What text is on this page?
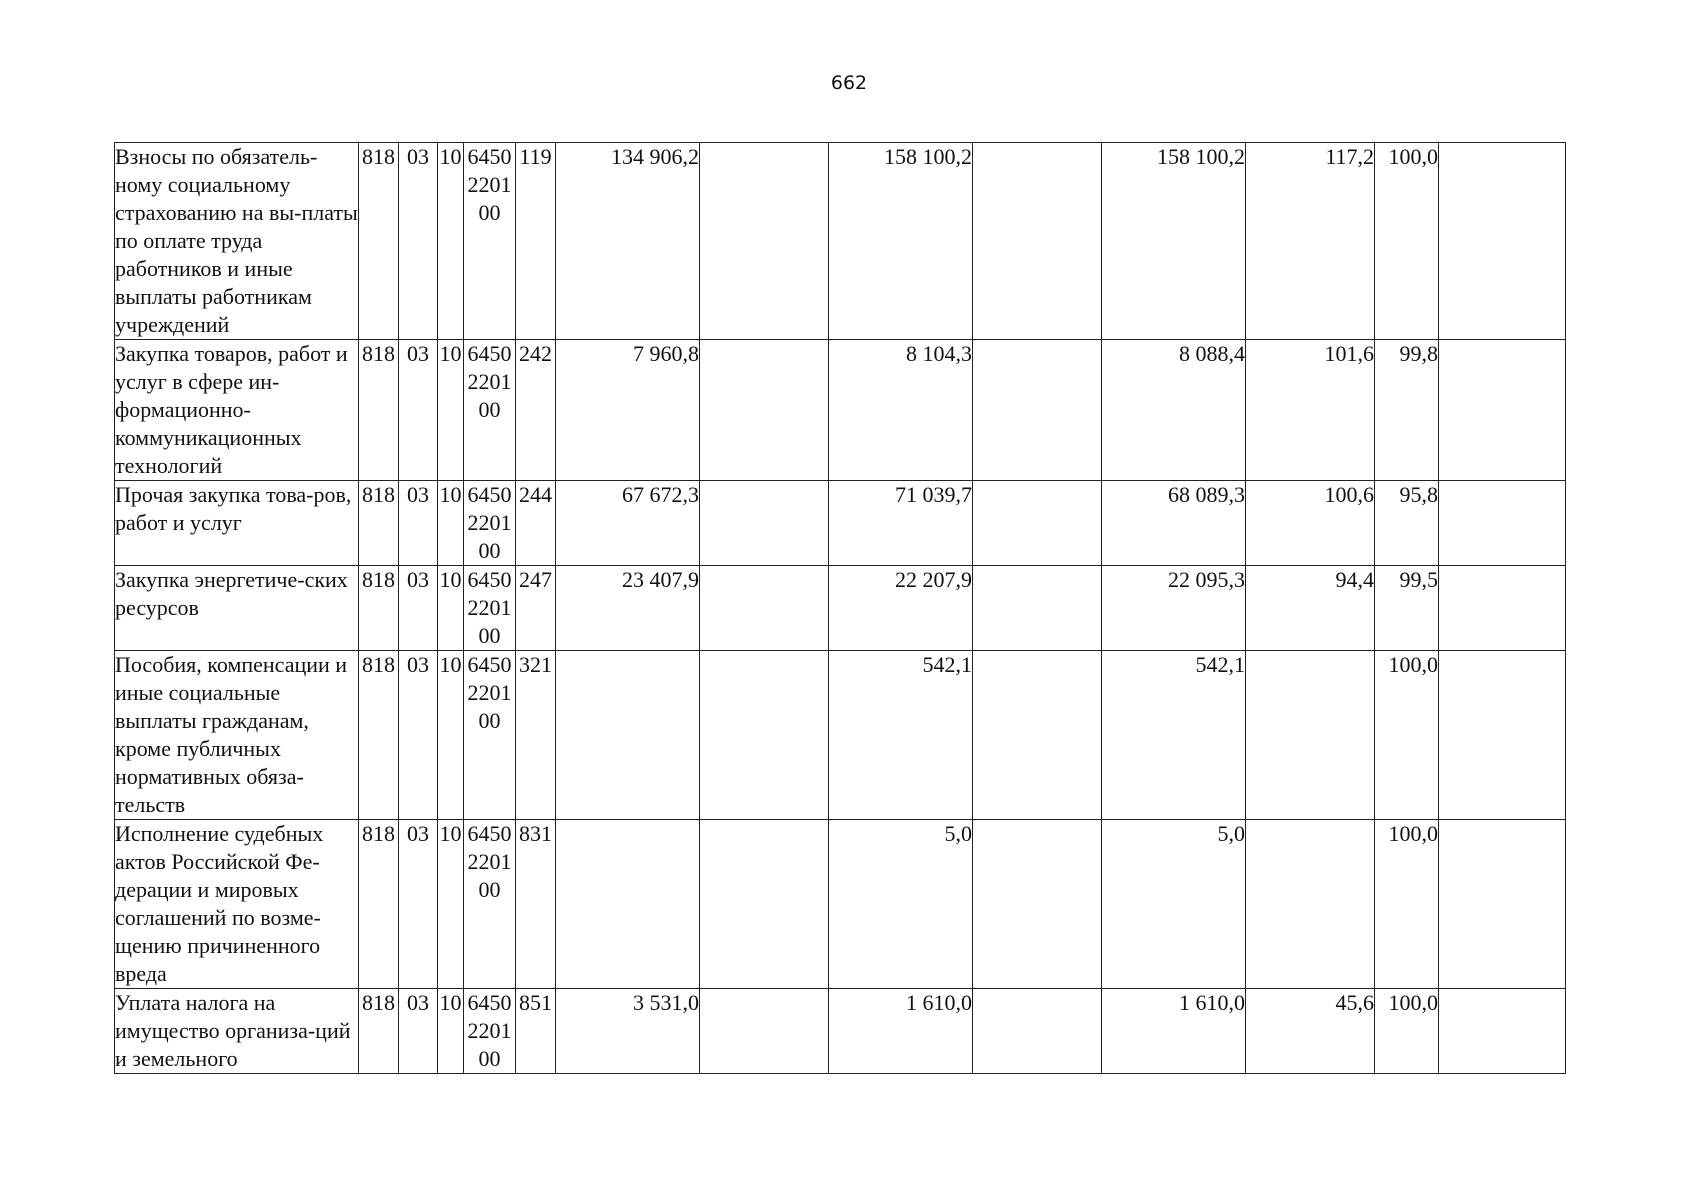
662
Взносы по обязатель-ному социальному страхованию на вы-платы по оплате труда работников и иные выплаты работникам учреждений	818	03	10	6450 2201 00	119	134 906,2		158 100,2		158 100,2	117,2	100,0	
Закупка товаров, работ и услуг в сфере ин-формационно-коммуникационных технологий	818	03	10	6450 2201 00	242	7 960,8		8 104,3		8 088,4	101,6	99,8	
Прочая закупка това-ров, работ и услуг	818	03	10	6450 2201 00	244	67 672,3		71 039,7		68 089,3	100,6	95,8	
Закупка энергетиче-ских ресурсов	818	03	10	6450 2201 00	247	23 407,9		22 207,9		22 095,3	94,4	99,5	
Пособия, компенсации и иные социальные выплаты гражданам, кроме публичных нормативных обяза-тельств	818	03	10	6450 2201 00	321			542,1		542,1		100,0	
Исполнение судебных актов Российской Фе-дерации и мировых соглашений по возме-щению причиненного вреда	818	03	10	6450 2201 00	831			5,0		5,0		100,0	
Уплата налога на имущество организа-ций и земельного	818	03	10	6450 2201 00	851	3 531,0		1 610,0		1 610,0	45,6	100,0	
